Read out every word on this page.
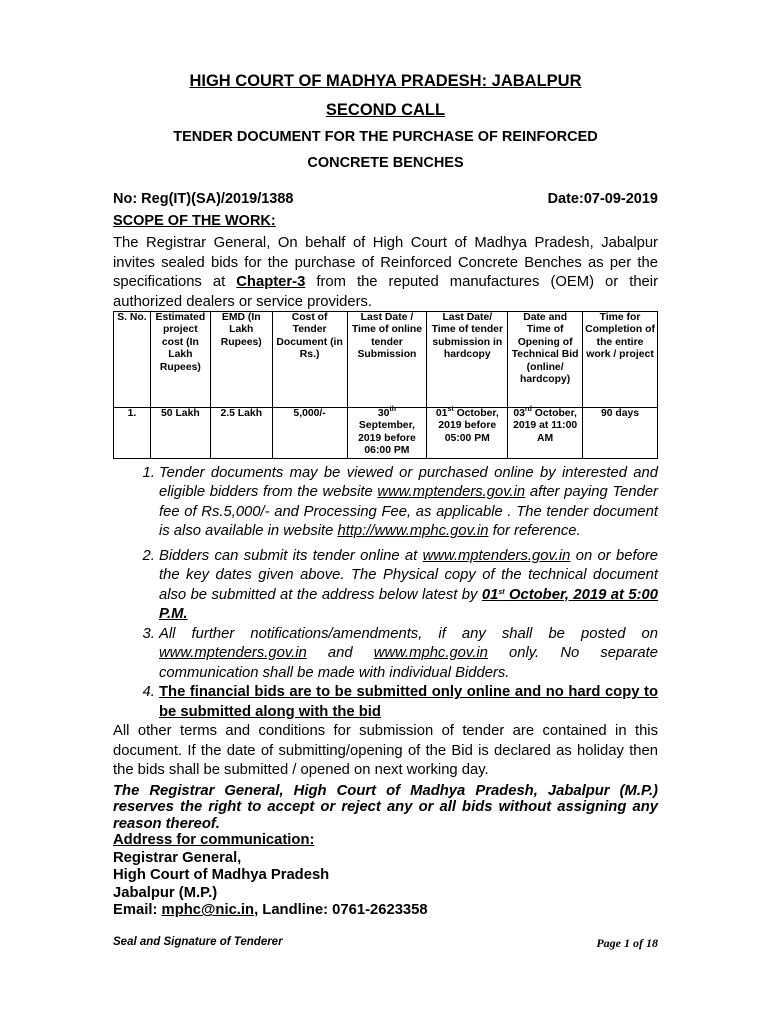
HIGH COURT OF MADHYA PRADESH: JABALPUR
SECOND CALL
TENDER DOCUMENT FOR THE PURCHASE OF REINFORCED
CONCRETE BENCHES
No: Reg(IT)(SA)/2019/1388	Date:07-09-2019
SCOPE OF THE WORK:
The Registrar General, On behalf of High Court of Madhya Pradesh, Jabalpur invites sealed bids for the purchase of Reinforced Concrete Benches as per the specifications at Chapter-3 from the reputed manufactures (OEM) or their authorized dealers or service providers.
S. No.	Estimated project cost (In Lakh Rupees)	EMD (In Lakh Rupees)	Cost of Tender Document (in Rs.)	Last Date / Time of online tender Submission	Last Date/ Time of tender submission in hardcopy	Date and Time of Opening of Technical Bid (online/ hardcopy)	Time for Completion of the entire work / project
1.	50 Lakh	2.5 Lakh	5,000/-	30th September, 2019 before 06:00 PM	01st October, 2019 before 05:00 PM	03rd October, 2019 at 11:00 AM	90 days
1. Tender documents may be viewed or purchased online by interested and eligible bidders from the website www.mptenders.gov.in after paying Tender fee of Rs.5,000/- and Processing Fee, as applicable . The tender document is also available in website http://www.mphc.gov.in for reference.
2. Bidders can submit its tender online at www.mptenders.gov.in on or before the key dates given above. The Physical copy of the technical document also be submitted at the address below latest by 01st October, 2019 at 5:00 P.M.
3. All further notifications/amendments, if any shall be posted on www.mptenders.gov.in and www.mphc.gov.in only. No separate communication shall be made with individual Bidders.
4. The financial bids are to be submitted only online and no hard copy to be submitted along with the bid
All other terms and conditions for submission of tender are contained in this document. If the date of submitting/opening of the Bid is declared as holiday then the bids shall be submitted / opened on next working day.
The Registrar General, High Court of Madhya Pradesh, Jabalpur (M.P.) reserves the right to accept or reject any or all bids without assigning any reason thereof.
Address for communication:
Registrar General,
High Court of Madhya Pradesh
Jabalpur (M.P.)
Email: mphc@nic.in, Landline: 0761-2623358
Seal and Signature of Tenderer	Page 1 of 18
